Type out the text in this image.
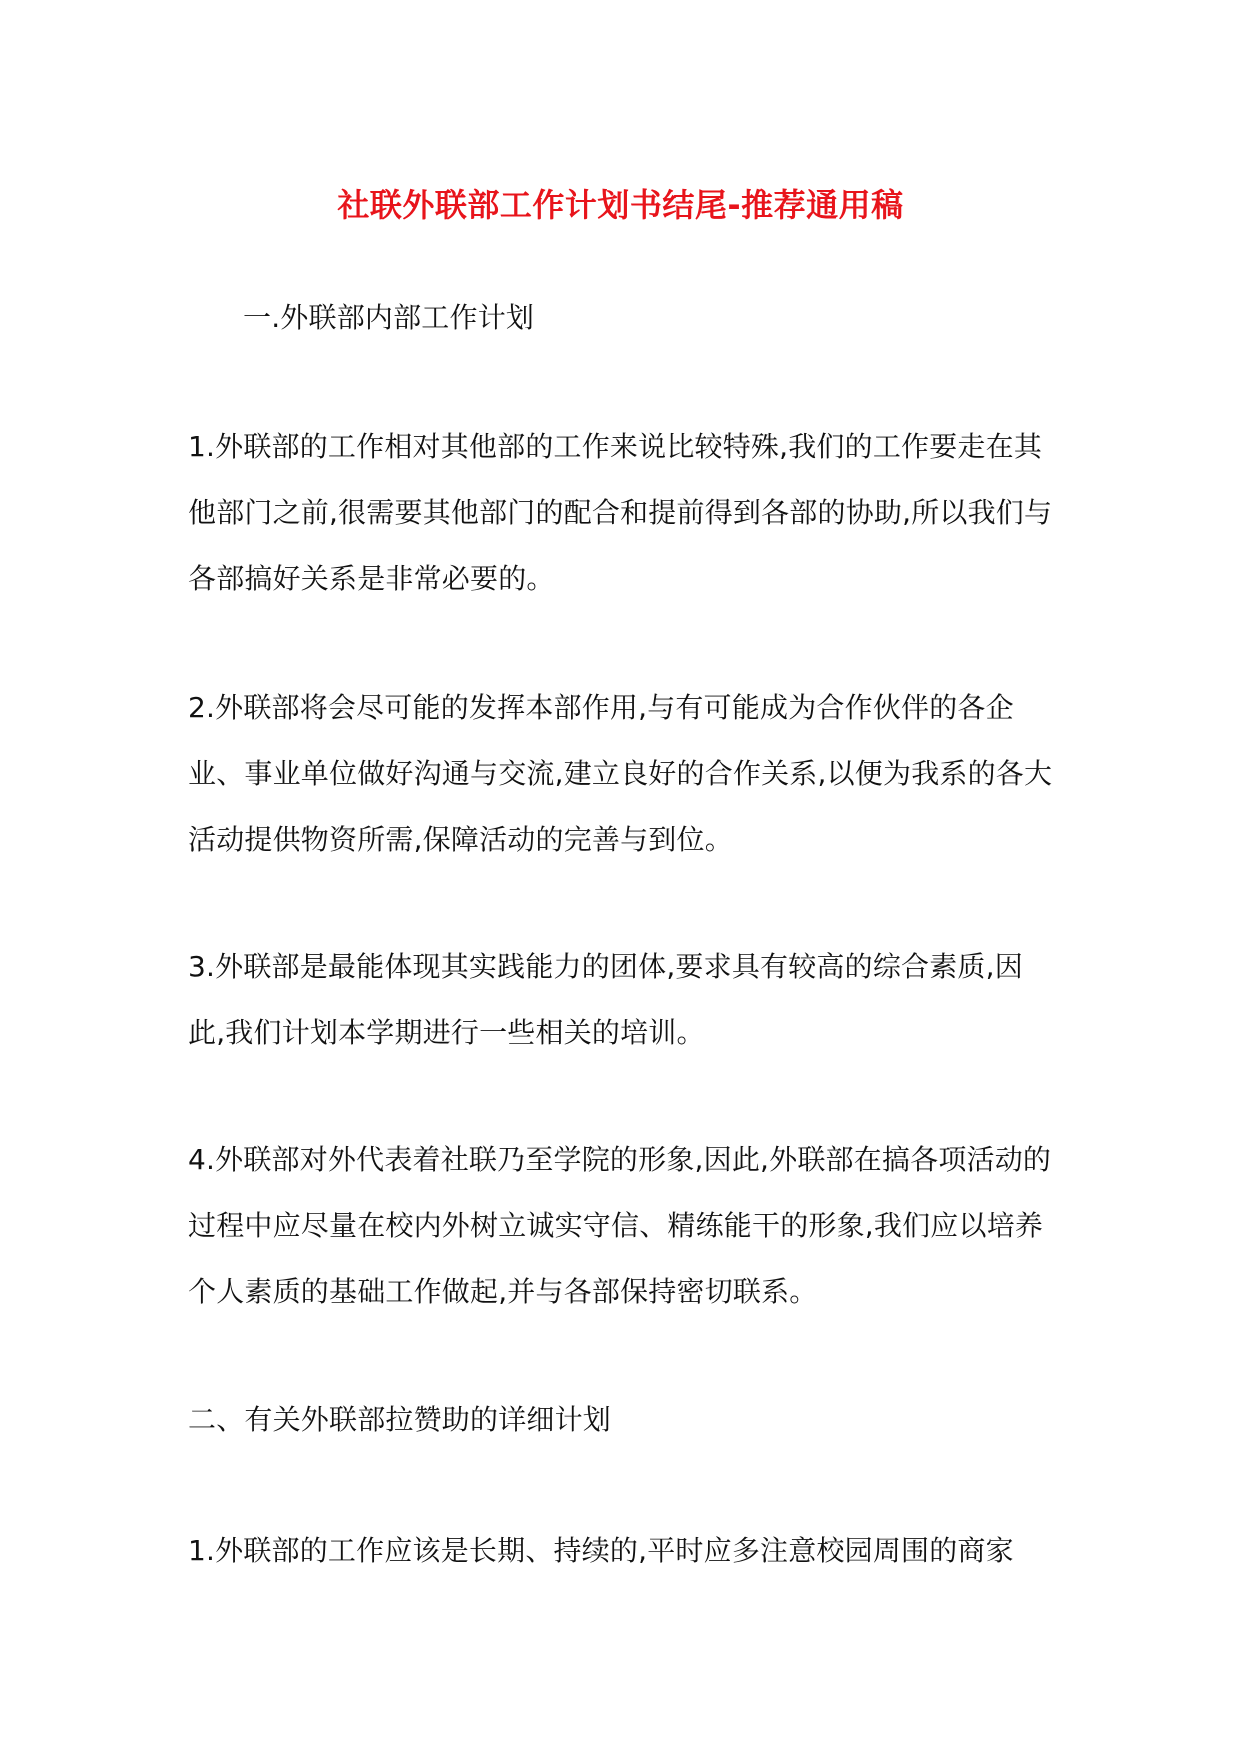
社联外联部工作计划书结尾-推荐通用稿

一.外联部内部工作计划

1.外联部的工作相对其他部的工作来说比较特殊,我们的工作要走在其他部门之前,很需要其他部门的配合和提前得到各部的协助,所以我们与各部搞好关系是非常必要的。

2.外联部将会尽可能的发挥本部作用,与有可能成为合作伙伴的各企业、事业单位做好沟通与交流,建立良好的合作关系,以便为我系的各大活动提供物资所需,保障活动的完善与到位。

3.外联部是最能体现其实践能力的团体,要求具有较高的综合素质,因此,我们计划本学期进行一些相关的培训。

4.外联部对外代表着社联乃至学院的形象,因此,外联部在搞各项活动的过程中应尽量在校内外树立诚实守信、精练能干的形象,我们应以培养个人素质的基础工作做起,并与各部保持密切联系。

二、有关外联部拉赞助的详细计划

1.外联部的工作应该是长期、持续的,平时应多注意校园周围的商家
